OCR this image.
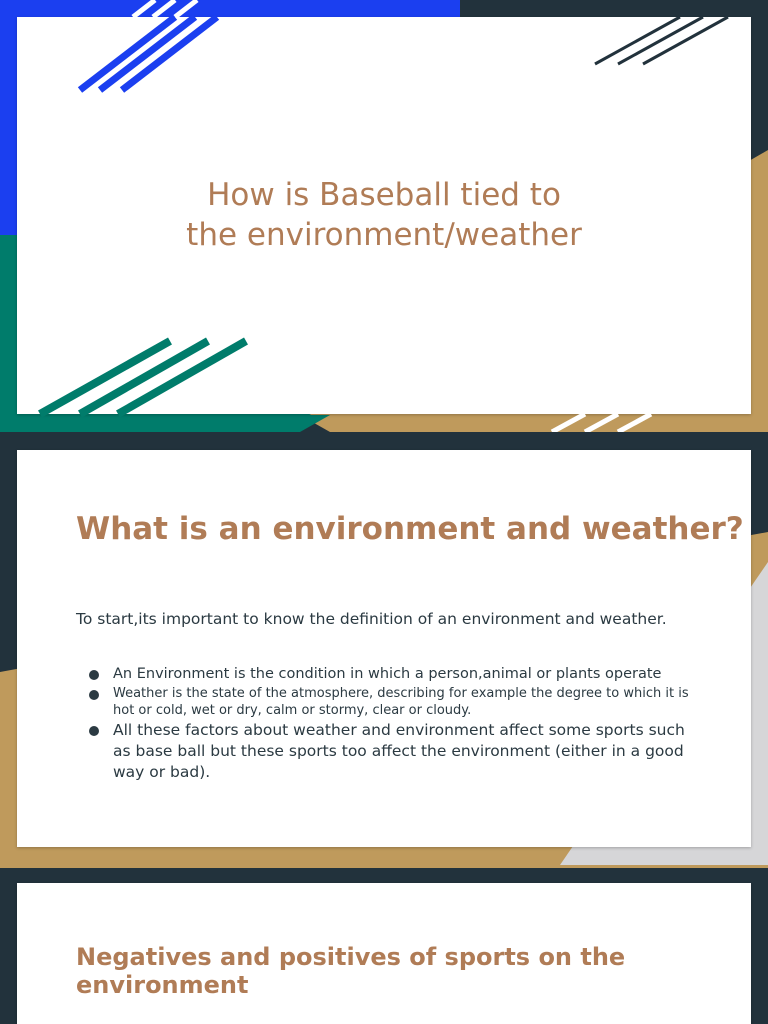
How is Baseball tied to
the environment/weather
What is an environment and weather?

To start,its important to know the definition of an environment and weather.

An Environment is the condition in which a person,animal or plants operate
Weather is the state of the atmosphere, describing for example the degree to which it is hot or cold, wet or dry, calm or stormy, clear or cloudy.
All these factors about weather and environment affect some sports such as base ball but these sports too affect the environment (either in a good way or bad).
Negatives and positives of sports on the environment
